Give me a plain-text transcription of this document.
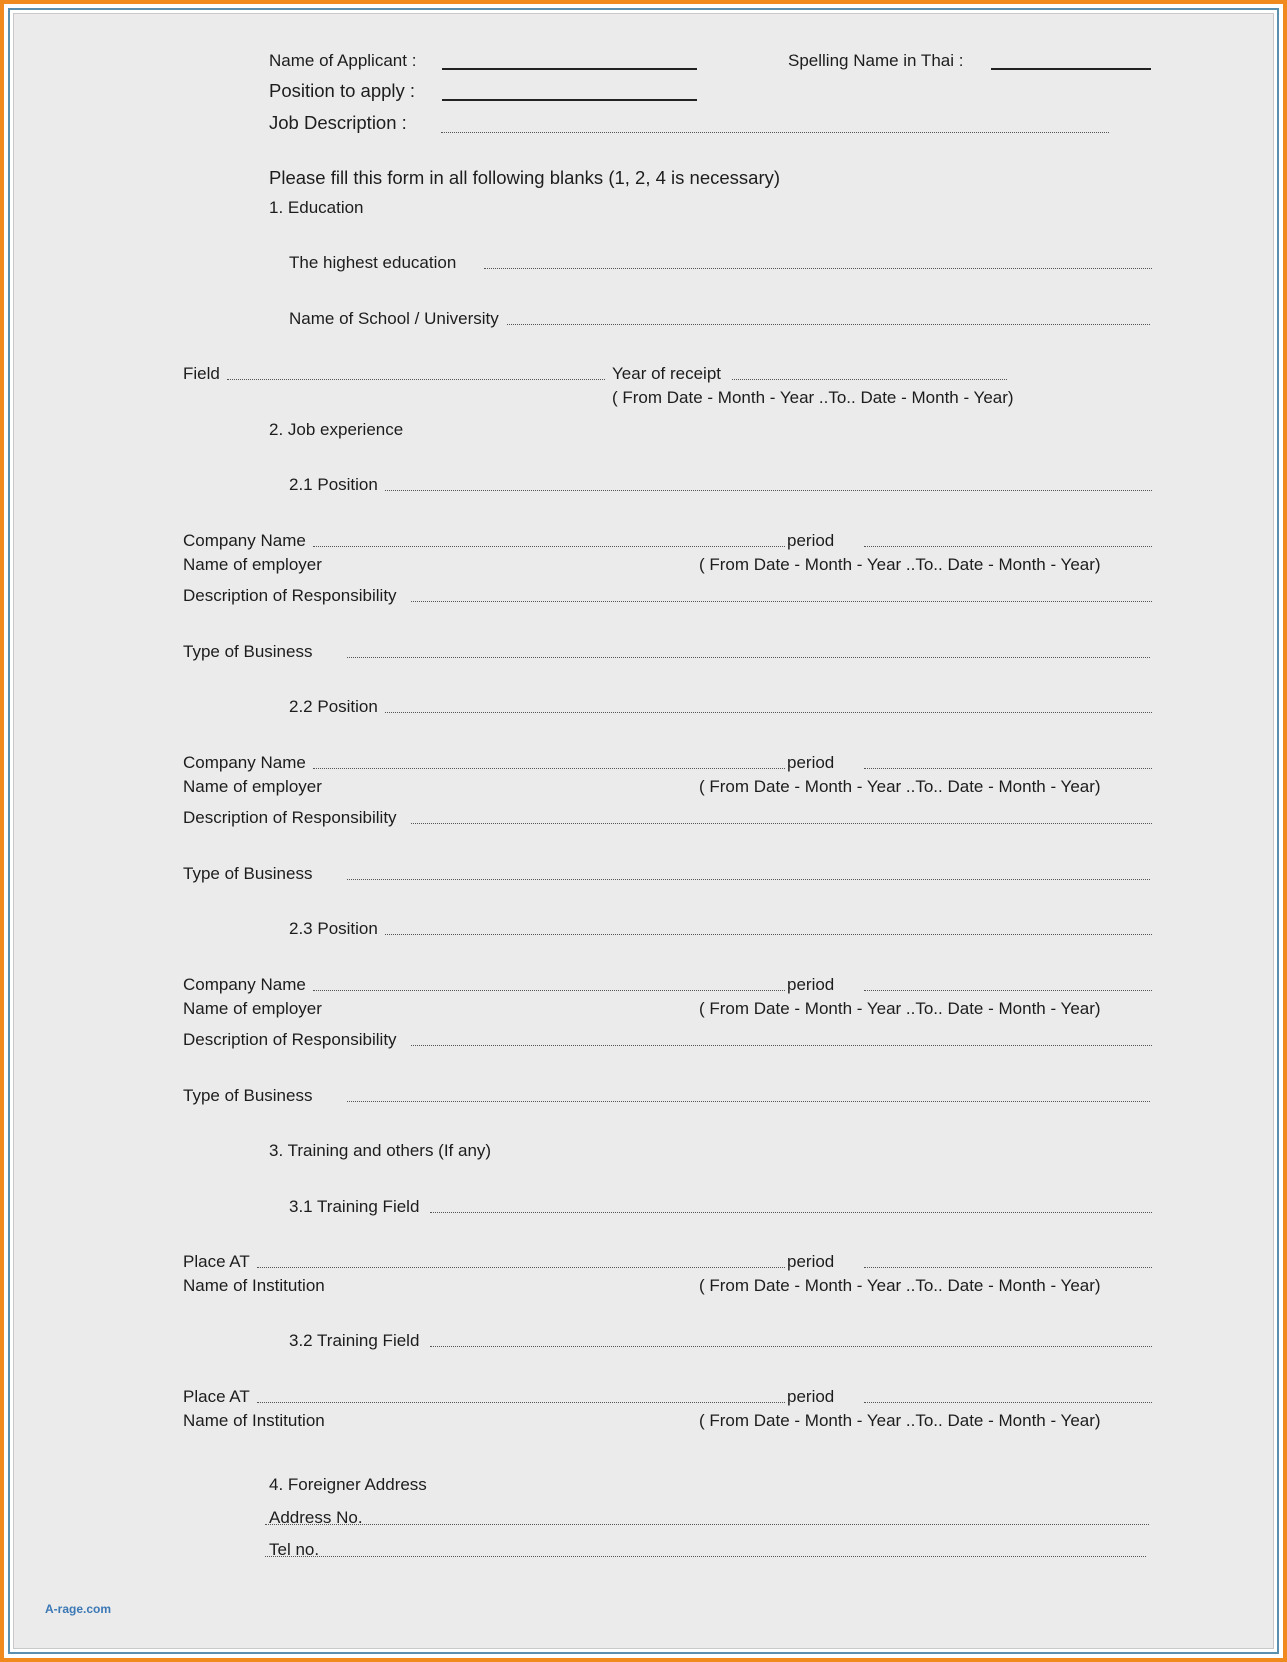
Name of Applicant :	Spelling Name in Thai :
Position to apply :
Job Description :
Please fill this form in all following blanks (1, 2, 4 is necessary)
1. Education
The highest education
Name of School / University
Field	Year of receipt
( From Date - Month - Year ..To.. Date - Month - Year)
2. Job experience
2.1 Position
Company Name	period
Name of employer	( From Date - Month - Year ..To.. Date - Month - Year)
Description of Responsibility
Type of Business
2.2 Position
Company Name	period
Name of employer	( From Date - Month - Year ..To.. Date - Month - Year)
Description of Responsibility
Type of Business
2.3 Position
Company Name	period
Name of employer	( From Date - Month - Year ..To.. Date - Month - Year)
Description of Responsibility
Type of Business
3. Training and others (If any)
3.1 Training Field
Place AT	period
Name of Institution	( From Date - Month - Year ..To.. Date - Month - Year)
3.2 Training Field
Place AT	period
Name of Institution	( From Date - Month - Year ..To.. Date - Month - Year)
4. Foreigner Address
Address No.
Tel no.
A-rage.com
